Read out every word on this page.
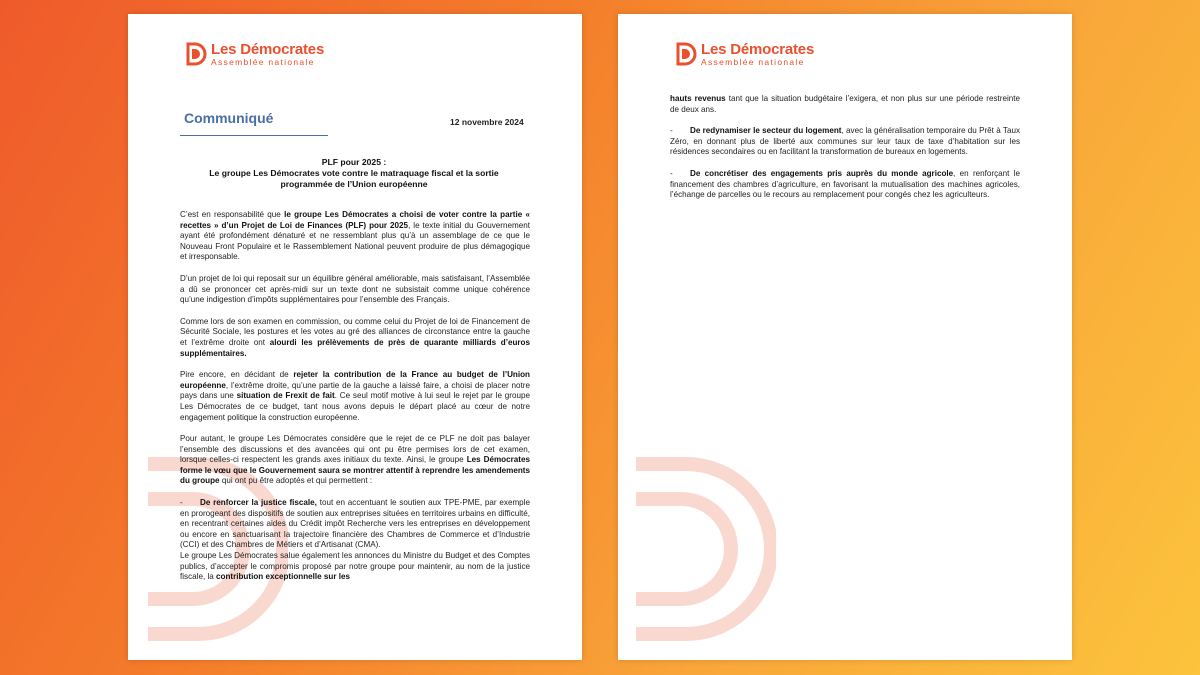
Les Démocrates
Assemblée nationale
Communiqué	12 novembre 2024
PLF pour 2025 :
Le groupe Les Démocrates vote contre le matraquage fiscal et la sortie
programmée de l’Union européenne

C’est en responsabilité que le groupe Les Démocrates a choisi de voter contre la partie « recettes » d’un Projet de Loi de Finances (PLF) pour 2025, le texte initial du Gouvernement ayant été profondément dénaturé et ne ressemblant plus qu’à un assemblage de ce que le Nouveau Front Populaire et le Rassemblement National peuvent produire de plus démagogique et irresponsable.

D’un projet de loi qui reposait sur un équilibre général améliorable, mais satisfaisant, l’Assemblée a dû se prononcer cet après-midi sur un texte dont ne subsistait comme unique cohérence qu’une indigestion d’impôts supplémentaires pour l’ensemble des Français.

Comme lors de son examen en commission, ou comme celui du Projet de loi de Financement de Sécurité Sociale, les postures et les votes au gré des alliances de circonstance entre la gauche et l’extrême droite ont alourdi les prélèvements de près de quarante milliards d’euros supplémentaires.

Pire encore, en décidant de rejeter la contribution de la France au budget de l’Union européenne, l’extrême droite, qu’une partie de la gauche a laissé faire, a choisi de placer notre pays dans une situation de Frexit de fait. Ce seul motif motive à lui seul le rejet par le groupe Les Démocrates de ce budget, tant nous avons depuis le départ placé au cœur de notre engagement politique la construction européenne.

Pour autant, le groupe Les Démocrates considère que le rejet de ce PLF ne doit pas balayer l’ensemble des discussions et des avancées qui ont pu être permises lors de cet examen, lorsque celles-ci respectent les grands axes initiaux du texte. Ainsi, le groupe Les Démocrates forme le vœu que le Gouvernement saura se montrer attentif à reprendre les amendements du groupe qui ont pu être adoptés et qui permettent :

- De renforcer la justice fiscale, tout en accentuant le soutien aux TPE-PME, par exemple en prorogeant des dispositifs de soutien aux entreprises situées en territoires urbains en difficulté, en recentrant certaines aides du Crédit impôt Recherche vers les entreprises en développement ou encore en sanctuarisant la trajectoire financière des Chambres de Commerce et d’Industrie (CCI) et des Chambres de Métiers et d’Artisanat (CMA).
Le groupe Les Démocrates salue également les annonces du Ministre du Budget et des Comptes publics, d’accepter le compromis proposé par notre groupe pour maintenir, au nom de la justice fiscale, la contribution exceptionnelle sur les

Les Démocrates
Assemblée nationale

hauts revenus tant que la situation budgétaire l’exigera, et non plus sur une période restreinte de deux ans.

- De redynamiser le secteur du logement, avec la généralisation temporaire du Prêt à Taux Zéro, en donnant plus de liberté aux communes sur leur taux de taxe d’habitation sur les résidences secondaires ou en facilitant la transformation de bureaux en logements.

- De concrétiser des engagements pris auprès du monde agricole, en renforçant le financement des chambres d’agriculture, en favorisant la mutualisation des machines agricoles, l’échange de parcelles ou le recours au remplacement pour congés chez les agriculteurs.
